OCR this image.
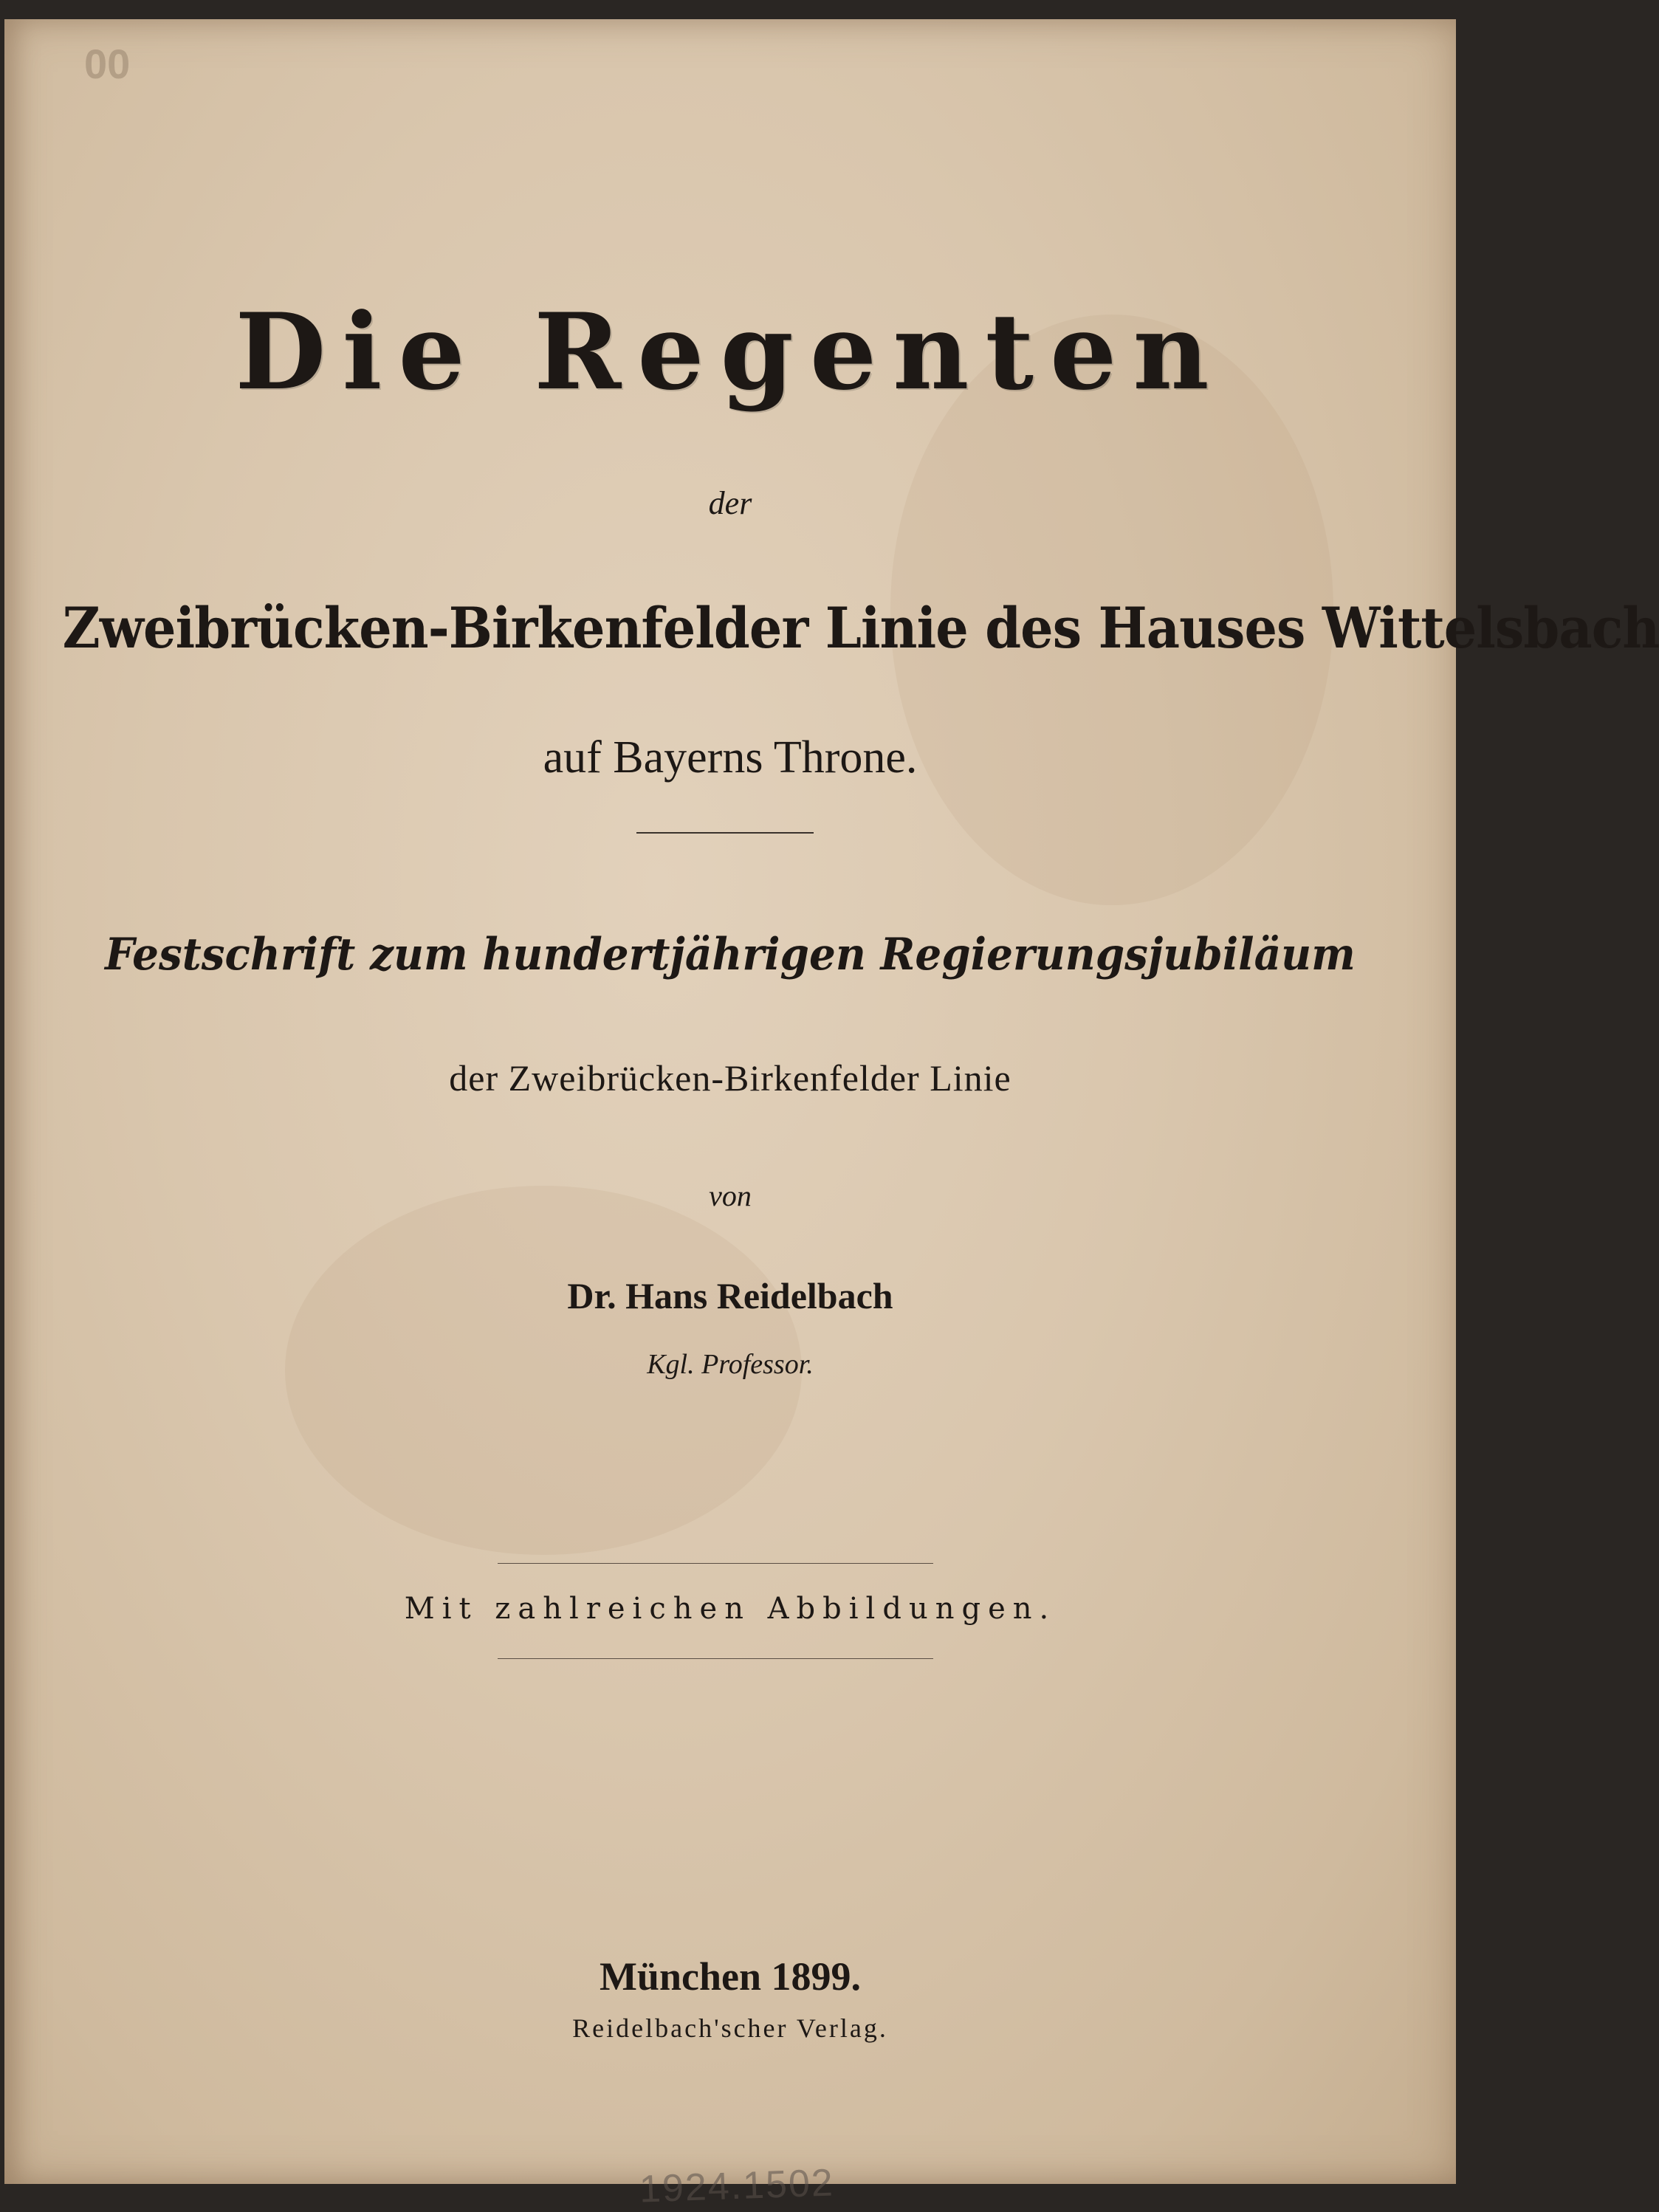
00
Die Regenten
der
Zweibrücken-Birkenfelder Linie des Hauses Wittelsbach
auf Bayerns Throne.
Festschrift zum hundertjährigen Regierungsjubiläum
der Zweibrücken-Birkenfelder Linie
von
Dr. Hans Reidelbach
Kgl. Professor.
Mit zahlreichen Abbildungen.
München 1899.
Reidelbach'scher Verlag.
1924.1502
